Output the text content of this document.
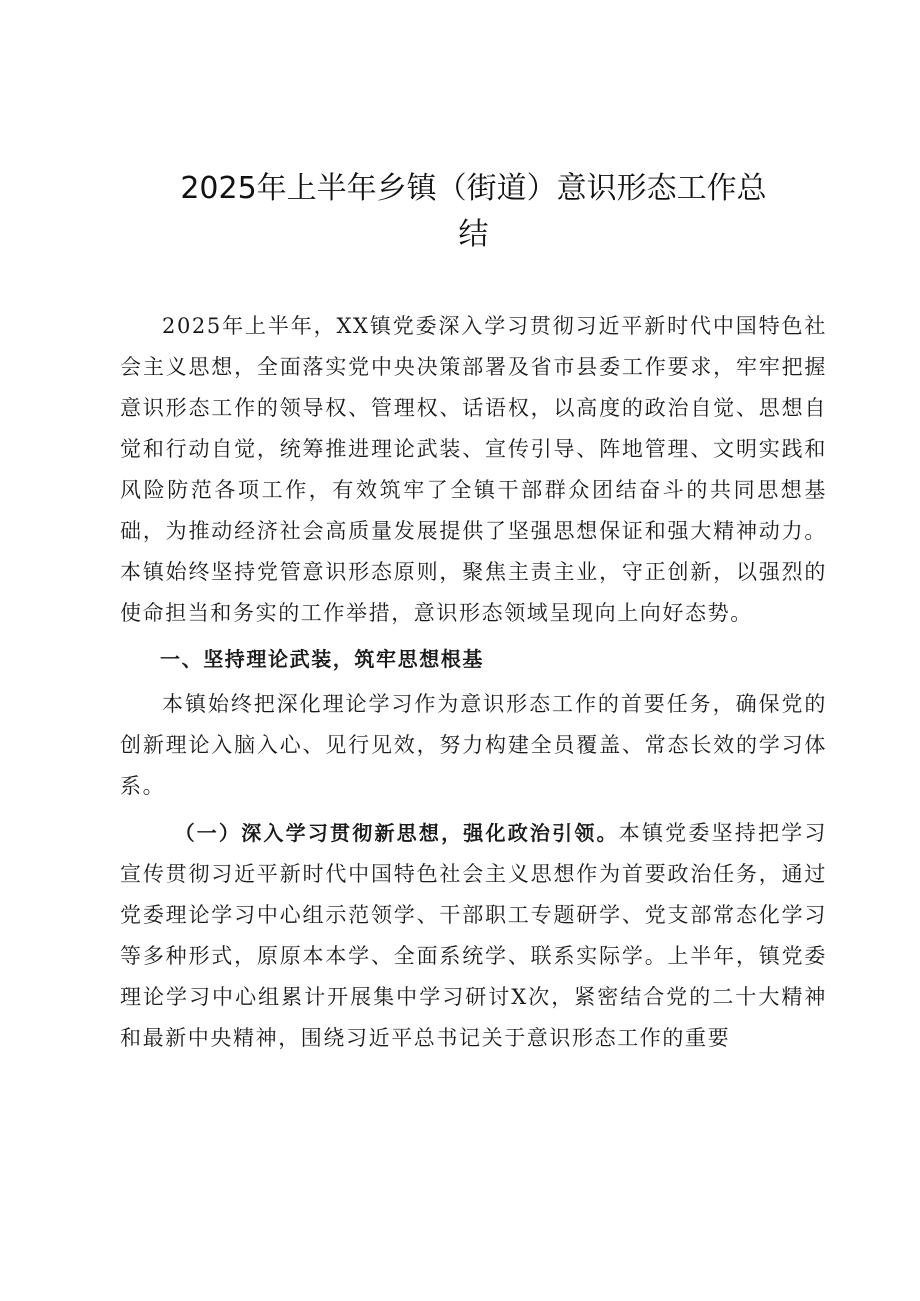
2025年上半年乡镇（街道）意识形态工作总
结

2025年上半年，XX镇党委深入学习贯彻习近平新时代中国特色社会主义思想，全面落实党中央决策部署及省市县委工作要求，牢牢把握意识形态工作的领导权、管理权、话语权，以高度的政治自觉、思想自觉和行动自觉，统筹推进理论武装、宣传引导、阵地管理、文明实践和风险防范各项工作，有效筑牢了全镇干部群众团结奋斗的共同思想基础，为推动经济社会高质量发展提供了坚强思想保证和强大精神动力。本镇始终坚持党管意识形态原则，聚焦主责主业，守正创新，以强烈的使命担当和务实的工作举措，意识形态领域呈现向上向好态势。

一、坚持理论武装，筑牢思想根基

本镇始终把深化理论学习作为意识形态工作的首要任务，确保党的创新理论入脑入心、见行见效，努力构建全员覆盖、常态长效的学习体系。

（一）深入学习贯彻新思想，强化政治引领。本镇党委坚持把学习宣传贯彻习近平新时代中国特色社会主义思想作为首要政治任务，通过党委理论学习中心组示范领学、干部职工专题研学、党支部常态化学习等多种形式，原原本本学、全面系统学、联系实际学。上半年，镇党委理论学习中心组累计开展集中学习研讨X次，紧密结合党的二十大精神和最新中央精神，围绕习近平总书记关于意识形态工作的重要
